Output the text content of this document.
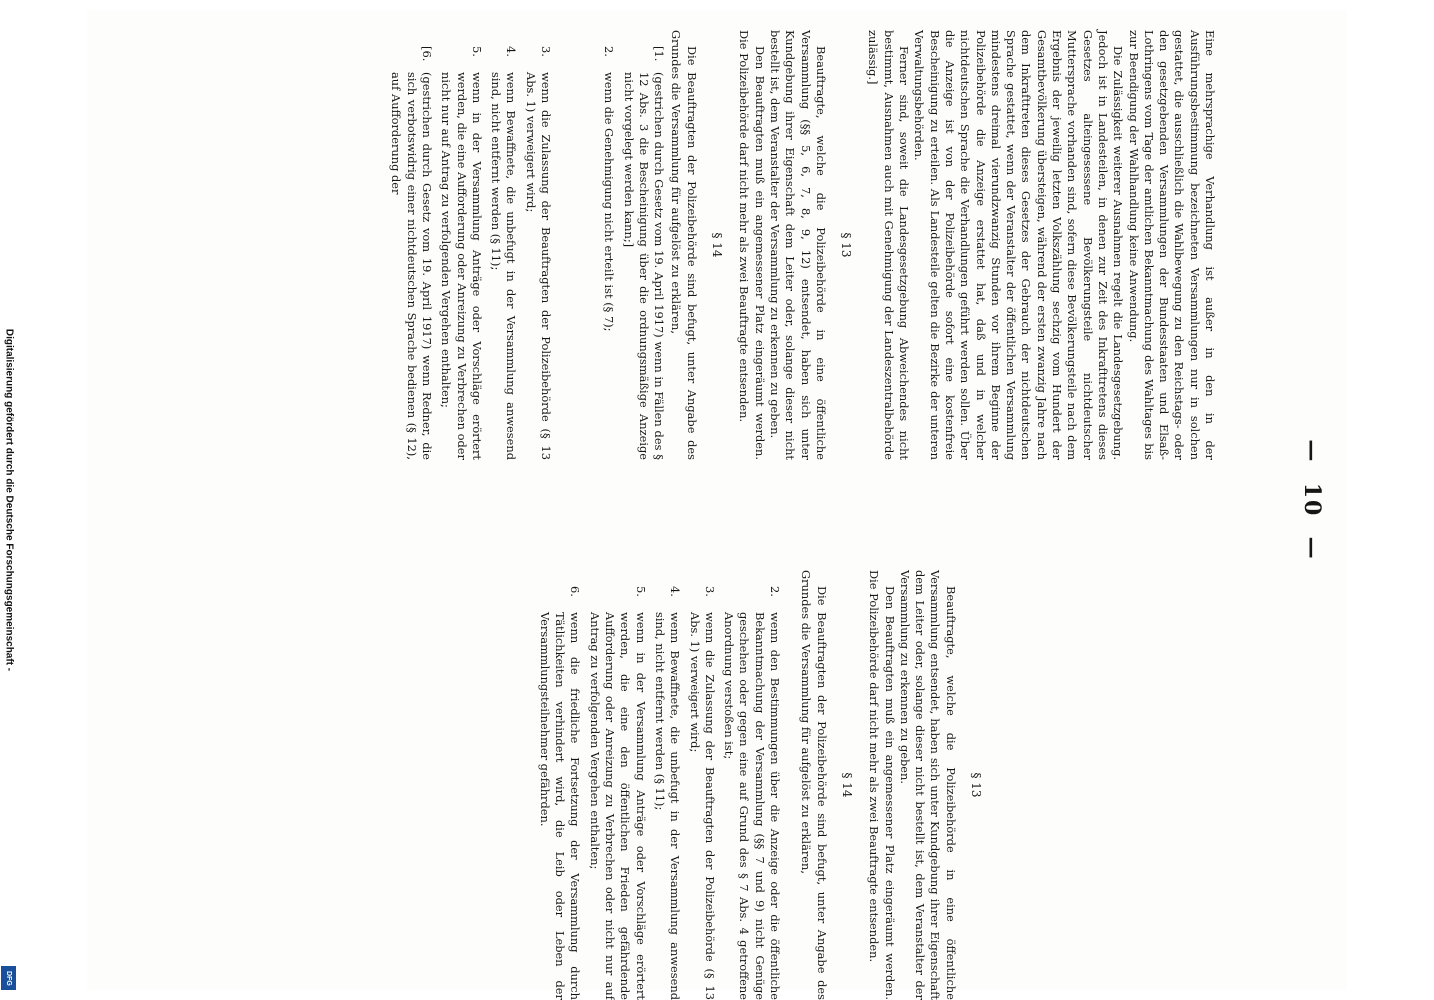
—  10  —

Eine mehrsprachige Verhandlung ist außer in den in der Ausführungsbestimmung bezeichneten Versammlungen nur in solchen gestattet, die ausschließlich die Wahlbewegung zu den Reichstags- oder den gesetzgebenden Versammlungen der Bundesstaaten und Elsaß-Lothringens vom Tage der amtlichen Bekanntmachung des Wahltages bis zur Beendigung der Wahlhandlung keine Anwendung.

Die Zulässigkeit weiterer Ausnahmen regelt die Landesgesetzgebung. Jedoch ist in Landesteilen, in denen zur Zeit des Inkrafttretens dieses Gesetzes alteingesessene Bevölkerungsteile nichtdeutscher Muttersprache vorhanden sind, sofern diese Bevölkerungsteile nach dem Ergebnis der jeweilig letzten Volkszählung sechzig vom Hundert der Gesamtbevölkerung übersteigen, während der ersten zwanzig Jahre nach dem Inkrafttreten dieses Gesetzes der Gebrauch der nichtdeutschen Sprache gestattet, wenn der Veranstalter der öffentlichen Versammlung mindestens dreimal vierundzwanzig Stunden vor ihrem Beginne der Polizeibehörde die Anzeige erstattet hat, daß und in welcher nichtdeutschen Sprache die Verhandlungen geführt werden sollen. Über die Anzeige ist von der Polizeibehörde sofort eine kostenfreie Bescheinigung zu erteilen. Als Landesteile gelten die Bezirke der unteren Verwaltungsbehörden.

Ferner sind, soweit die Landesgesetzgebung Abweichendes nicht bestimmt, Ausnahmen auch mit Genehmigung der Landeszentralbehörde zulässig.]

§ 13

Beauftragte, welche die Polizeibehörde in eine öffentliche Versammlung (§§ 5, 6, 7, 8, 9, 12) entsendet, haben sich unter Kundgebung ihrer Eigenschaft dem Leiter oder, solange dieser nicht bestellt ist, dem Veranstalter der Versammlung zu erkennen zu geben.

Den Beauftragten muß ein angemessener Platz eingeräumt werden. Die Polizeibehörde darf nicht mehr als zwei Beauftragte entsenden.

§ 14

Die Beauftragten der Polizeibehörde sind befugt, unter Angabe des Grundes die Versammlung für aufgelöst zu erklären,

[1.
(gestrichen durch Gesetz vom 19. April 1917) wenn in Fällen des § 12 Abs. 3 die Bescheinigung über die ordnungsmäßige Anzeige nicht vorgelegt werden kann;]
2.
wenn die Genehmigung nicht erteilt ist (§ 7);
3.
wenn die Zulassung der Beauftragten der Polizeibehörde (§ 13 Abs. 1) verweigert wird;
4.
wenn Bewaffnete, die unbefugt in der Versammlung anwesend sind, nicht entfernt werden (§ 11);
5.
wenn in der Versammlung Anträge oder Vorschläge erörtert werden, die eine Aufforderung oder Anreizung zu Verbrechen oder nicht nur auf Antrag zu verfolgenden Vergehen enthalten;
[6.
(gestrichen durch Gesetz vom 19. April 1917) wenn Redner, die sich verbotswidrig einer nichtdeutschen Sprache bedienen (§ 12), auf Aufforderung der
§ 13

Beauftragte, welche die Polizeibehörde in eine öffentliche Versammlung entsendet, haben sich unter Kundgebung ihrer Eigenschaft dem Leiter oder, solange dieser nicht bestellt ist, dem Veranstalter der Versammlung zu erkennen zu geben.

Den Beauftragten muß ein angemessener Platz eingeräumt werden. Die Polizeibehörde darf nicht mehr als zwei Beauftragte entsenden.

§ 14

Die Beauftragten der Polizeibehörde sind befugt, unter Angabe des Grundes die Versammlung für aufgelöst zu erklären,

2.
wenn den Bestimmungen über die Anzeige oder die öffentliche Bekanntmachung der Versammlung (§§ 7 und 9) nicht Genüge geschehen oder gegen eine auf Grund des § 7 Abs. 4 getroffene Anordnung verstoßen ist;
3.
wenn die Zulassung der Beauftragten der Polizeibehörde (§ 13 Abs. 1) verweigert wird;
4.
wenn Bewaffnete, die unbefugt in der Versammlung anwesend sind, nicht entfernt werden (§ 11);
5.
wenn in der Versammlung Anträge oder Vorschläge erörtert werden, die eine den öffentlichen Frieden gefährdende Aufforderung oder Anreizung zu Verbrechen oder nicht nur auf Antrag zu verfolgenden Vergehen enthalten;
6.
wenn die friedliche Fortsetzung der Versammlung durch Tätlichkeiten verhindert wird, die Leib oder Leben der Versammlungsteilnehmer gefährden.
Digitalisierung gefördert durch die Deutsche Forschungsgemeinschaft -
DFG
